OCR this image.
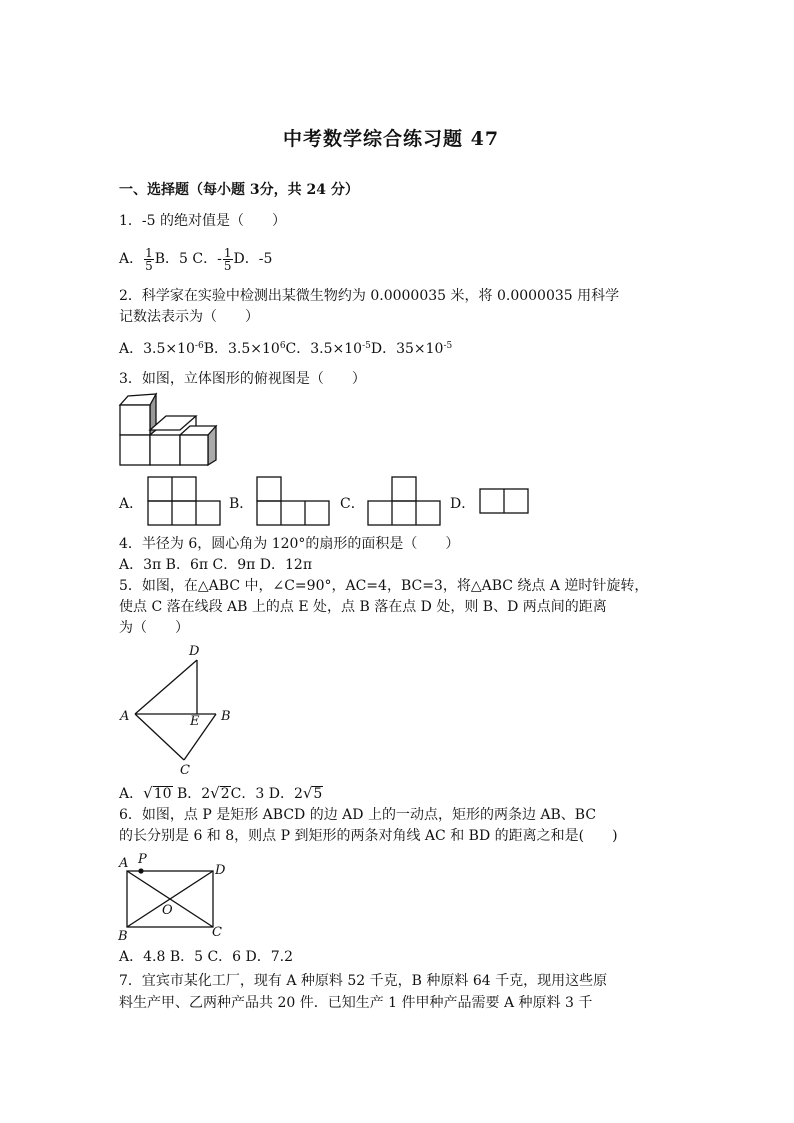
中考数学综合练习题 47
一、选择题（每小题 3分，共 24 分）
1．-5 的绝对值是（　　）
A． $\frac{1}{5}$ B．5 C．- $\frac{1}{5}$ D．-5
2．科学家在实验中检测出某微生物约为 0.0000035 米，将 0.0000035 用科学
记数法表示为（　　）
A．$3.5\times 10^{-6}B$．$3.5\times 10^6C$．$3.5\times 10^{-5}D$．$35\times 10^{-5}$
3．如图，立体图形的俯视图是（　　）
A．	B．	C．	D．
4．半径为 6，圆心角为 120°的扇形的面积是（　　）
A．3π B．6π C．9π D．12π
5．如图，在△ABC 中，∠C=90°，AC=4，BC=3，将△ABC 绕点 A 逆时针旋转，
使点 C 落在线段 AB 上的点 E 处，点 B 落在点 D 处，则 B、D 两点间的距离
为（　　）
D
A	E B
C
A．√10 B．2√2C．3 D．2√5
6．如图，点 P 是矩形 ABCD 的边 AD 上的一动点，矩形的两条边 AB、BC
的长分别是 6 和 8，则点 P 到矩形的两条对角线 AC 和 BD 的距离之和是(　　)
A P
D
O
B	C
A．4.8 B．5 C．6 D．7.2
7．宜宾市某化工厂，现有 A 种原料 52 千克，B 种原料 64 千克，现用这些原
料生产甲、乙两种产品共 20 件．已知生产 1 件甲种产品需要 A 种原料 3 千
